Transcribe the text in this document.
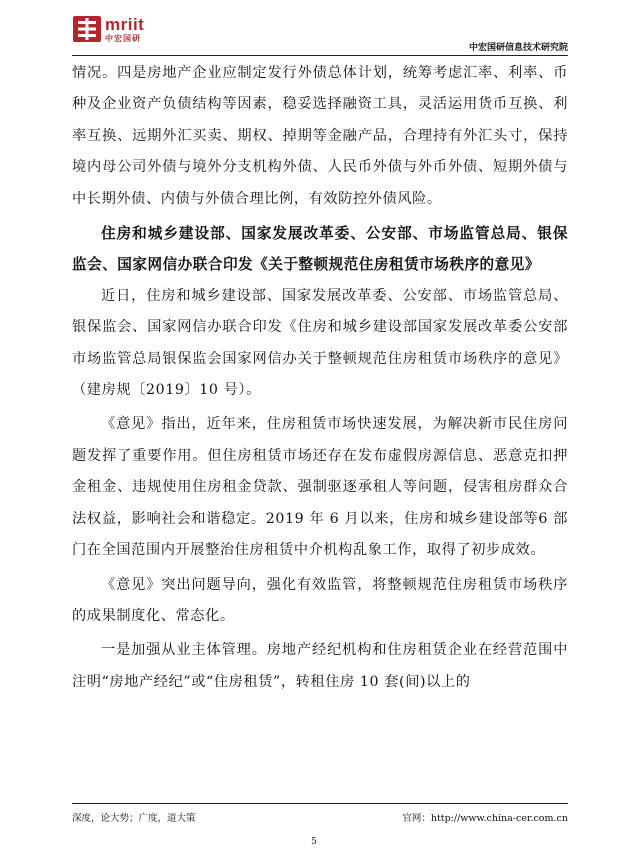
mriit
中宏国研
中宏国研信息技术研究院

情况。四是房地产企业应制定发行外债总体计划，统筹考虑汇率、利率、币种及企业资产负债结构等因素，稳妥选择融资工具，灵活运用货币互换、利率互换、远期外汇买卖、期权、掉期等金融产品，合理持有外汇头寸，保持境内母公司外债与境外分支机构外债、人民币外债与外币外债、短期外债与中长期外债、内债与外债合理比例，有效防控外债风险。

住房和城乡建设部、国家发展改革委、公安部、市场监管总局、银保监会、国家网信办联合印发《关于整顿规范住房租赁市场秩序的意见》

近日，住房和城乡建设部、国家发展改革委、公安部、市场监管总局、银保监会、国家网信办联合印发《住房和城乡建设部国家发展改革委公安部市场监管总局银保监会国家网信办关于整顿规范住房租赁市场秩序的意见》（建房规〔2019〕10 号）。

《意见》指出，近年来，住房租赁市场快速发展，为解决新市民住房问题发挥了重要作用。但住房租赁市场还存在发布虚假房源信息、恶意克扣押金租金、违规使用住房租金贷款、强制驱逐承租人等问题，侵害租房群众合法权益，影响社会和谐稳定。2019 年 6 月以来，住房和城乡建设部等6 部门在全国范围内开展整治住房租赁中介机构乱象工作，取得了初步成效。

《意见》突出问题导向，强化有效监管，将整顿规范住房租赁市场秩序的成果制度化、常态化。

一是加强从业主体管理。房地产经纪机构和住房租赁企业在经营范围中注明“房地产经纪”或“住房租赁”，转租住房 10 套(间)以上的

深度，论大势；广度，道大策	官网：http://www.china-cer.com.cn
5
